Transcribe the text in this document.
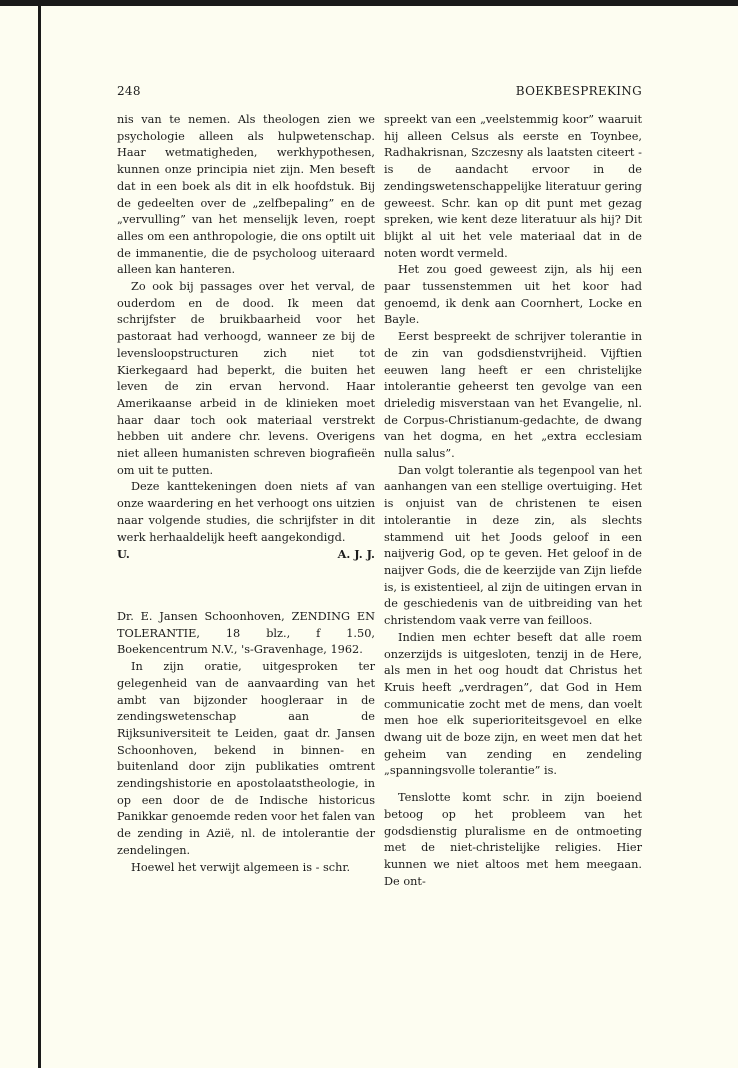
248	BOEKBESPREKING

nis van te nemen. Als theologen zien we psychologie alleen als hulpwetenschap. Haar wetmatigheden, werkhypothesen, kunnen onze principia niet zijn. Men beseft dat in een boek als dit in elk hoofdstuk. Bij de gedeelten over de „zelfbepaling” en de „vervulling” van het menselijk leven, roept alles om een anthropologie, die ons optilt uit de immanentie, die de psycholoog uiteraard alleen kan hanteren.

Zo ook bij passages over het verval, de ouderdom en de dood. Ik meen dat schrijfster de bruikbaarheid voor het pastoraat had verhoogd, wanneer ze bij de levensloopstructuren zich niet tot Kierkegaard had beperkt, die buiten het leven de zin ervan hervond. Haar Amerikaanse arbeid in de klinieken moet haar daar toch ook materiaal verstrekt hebben uit andere chr. levens. Overigens niet alleen humanisten schreven biografieën om uit te putten.

Deze kanttekeningen doen niets af van onze waardering en het verhoogt ons uitzien naar volgende studies, die schrijfster in dit werk herhaaldelijk heeft aangekondigd.

U.	A. J. J.

Dr. E. Jansen Schoonhoven, ZENDING EN TOLERANTIE, 18 blz., f 1.50, Boekencentrum N.V., 's-Gravenhage, 1962.

In zijn oratie, uitgesproken ter gelegenheid van de aanvaarding van het ambt van bijzonder hoogleraar in de zendingswetenschap aan de Rijksuniversiteit te Leiden, gaat dr. Jansen Schoonhoven, bekend in binnen- en buitenland door zijn publikaties omtrent zendingshistorie en apostolaatstheologie, in op een door de de Indische historicus Panikkar genoemde reden voor het falen van de zending in Azië, nl. de intolerantie der zendelingen.

Hoewel het verwijt algemeen is - schr.

spreekt van een „veelstemmig koor” waaruit hij alleen Celsus als eerste en Toynbee, Radhakrisnan, Szczesny als laatsten citeert - is de aandacht ervoor in de zendingswetenschappelijke literatuur gering geweest. Schr. kan op dit punt met gezag spreken, wie kent deze literatuur als hij? Dit blijkt al uit het vele materiaal dat in de noten wordt vermeld.

Het zou goed geweest zijn, als hij een paar tussenstemmen uit het koor had genoemd, ik denk aan Coornhert, Locke en Bayle.

Eerst bespreekt de schrijver tolerantie in de zin van godsdienstvrijheid. Vijftien eeuwen lang heeft er een christelijke intolerantie geheerst ten gevolge van een drieledig misverstaan van het Evangelie, nl. de Corpus-Christianum-gedachte, de dwang van het dogma, en het „extra ecclesiam nulla salus”.

Dan volgt tolerantie als tegenpool van het aanhangen van een stellige overtuiging. Het is onjuist van de christenen te eisen intolerantie in deze zin, als slechts stammend uit het Joods geloof in een naijverig God, op te geven. Het geloof in de naijver Gods, die de keerzijde van Zijn liefde is, is existentieel, al zijn de uitingen ervan in de geschiedenis van de uitbreiding van het christendom vaak verre van feilloos.

Indien men echter beseft dat alle roem onzerzijds is uitgesloten, tenzij in de Here, als men in het oog houdt dat Christus het Kruis heeft „verdragen”, dat God in Hem communicatie zocht met de mens, dan voelt men hoe elk superioriteitsgevoel en elke dwang uit de boze zijn, en weet men dat het geheim van zending en zendeling „spanningsvolle tolerantie” is.

Tenslotte komt schr. in zijn boeiend betoog op het probleem van het godsdienstig pluralisme en de ontmoeting met de niet-christelijke religies. Hier kunnen we niet altoos met hem meegaan. De ont-
